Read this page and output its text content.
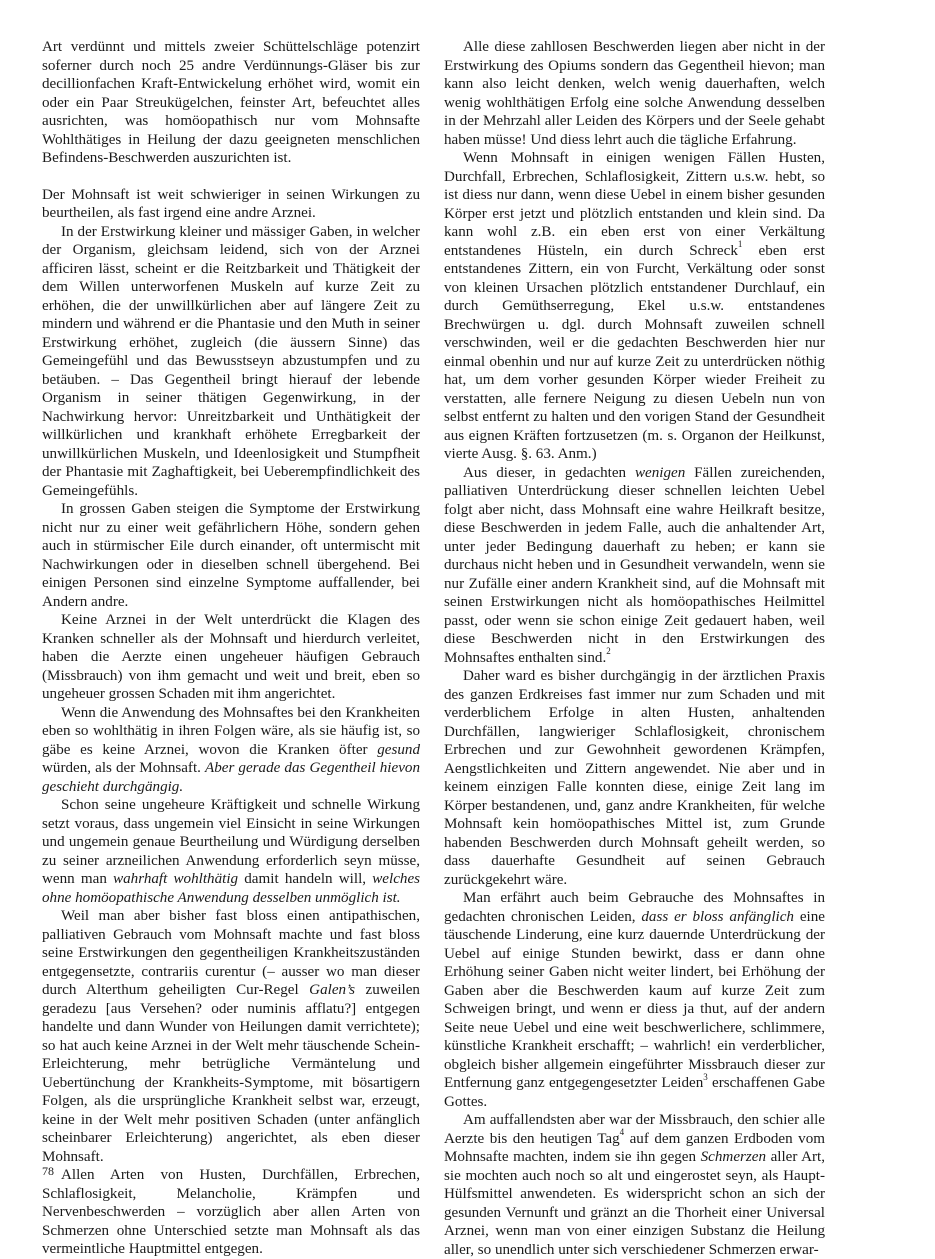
Art verdünnt und mittels zweier Schüttelschläge potenzirt soferner durch noch 25 andre Verdünnungs-Gläser bis zur decillionfachen Kraft-Entwickelung erhöhet wird, womit ein oder ein Paar Streukügelchen, feinster Art, befeuchtet alles ausrichten, was homöopathisch nur vom Mohnsafte Wohlthätiges in Heilung der dazu geeigneten menschlichen Befindens-Beschwerden auszurichten ist.

Der Mohnsaft ist weit schwieriger in seinen Wirkungen zu beurtheilen, als fast irgend eine andre Arznei.

In der Erstwirkung kleiner und mässiger Gaben, in welcher der Organism, gleichsam leidend, sich von der Arznei afficiren lässt, scheint er die Reitzbarkeit und Thätigkeit der dem Willen unterworfenen Muskeln auf kurze Zeit zu erhöhen, die der unwillkürlichen aber auf längere Zeit zu mindern und während er die Phantasie und den Muth in seiner Erstwirkung erhöhet, zugleich (die äussern Sinne) das Gemeingefühl und das Bewusstseyn abzustumpfen und zu betäuben. – Das Gegentheil bringt hierauf der lebende Organism in seiner thätigen Gegenwirkung, in der Nachwirkung hervor: Unreitzbarkeit und Unthätigkeit der willkürlichen und krankhaft erhöhete Erregbarkeit der unwillkürlichen Muskeln, und Ideenlosigkeit und Stumpfheit der Phantasie mit Zaghaftigkeit, bei Ueberempfindlichkeit des Gemeingefühls.

In grossen Gaben steigen die Symptome der Erstwirkung nicht nur zu einer weit gefährlichern Höhe, sondern gehen auch in stürmischer Eile durch einander, oft untermischt mit Nachwirkungen oder in dieselben schnell übergehend. Bei einigen Personen sind einzelne Symptome auffallender, bei Andern andre.

Keine Arznei in der Welt unterdrückt die Klagen des Kranken schneller als der Mohnsaft und hierdurch verleitet, haben die Aerzte einen ungeheuer häufigen Gebrauch (Missbrauch) von ihm gemacht und weit und breit, eben so ungeheuer grossen Schaden mit ihm angerichtet.

Wenn die Anwendung des Mohnsaftes bei den Krankheiten eben so wohlthätig in ihren Folgen wäre, als sie häufig ist, so gäbe es keine Arznei, wovon die Kranken öfter gesund würden, als der Mohnsaft. Aber gerade das Gegentheil hievon geschieht durchgängig.

Schon seine ungeheure Kräftigkeit und schnelle Wirkung setzt voraus, dass ungemein viel Einsicht in seine Wirkungen und ungemein genaue Beurtheilung und Würdigung derselben zu seiner arzneilichen Anwendung erforderlich seyn müsse, wenn man wahrhaft wohlthätig damit handeln will, welches ohne homöopathische Anwendung desselben unmöglich ist.

Weil man aber bisher fast bloss einen antipathischen, palliativen Gebrauch vom Mohnsaft machte und fast bloss seine Erstwirkungen den gegentheiligen Krankheitszuständen entgegensetzte, contrariis curentur (– ausser wo man dieser durch Alterthum geheiligten Cur-Regel Galen’s zuweilen geradezu [aus Versehen? oder numinis afflatu?] entgegen handelte und dann Wunder von Heilungen damit verrichtete); so hat auch keine Arznei in der Welt mehr täuschende Schein-Erleichterung, mehr betrügliche Vermäntelung und Uebertünchung der Krankheits-Symptome, mit bösartigern Folgen, als die ursprüngliche Krankheit selbst war, erzeugt, keine in der Welt mehr positiven Schaden (unter anfänglich scheinbarer Erleichterung) angerichtet, als eben dieser Mohnsaft.

Allen Arten von Husten, Durchfällen, Erbrechen, Schlaflosigkeit, Melancholie, Krämpfen und Nervenbeschwerden – vorzüglich aber allen Arten von Schmerzen ohne Unterschied setzte man Mohnsaft als das vermeintliche Hauptmittel entgegen.

Alle diese zahllosen Beschwerden liegen aber nicht in der Erstwirkung des Opiums sondern das Gegentheil hievon; man kann also leicht denken, welch wenig dauerhaften, welch wenig wohlthätigen Erfolg eine solche Anwendung desselben in der Mehrzahl aller Leiden des Körpers und der Seele gehabt haben müsse! Und diess lehrt auch die tägliche Erfahrung.

Wenn Mohnsaft in einigen wenigen Fällen Husten, Durchfall, Erbrechen, Schlaflosigkeit, Zittern u.s.w. hebt, so ist diess nur dann, wenn diese Uebel in einem bisher gesunden Körper erst jetzt und plötzlich entstanden und klein sind. Da kann wohl z.B. ein eben erst von einer Verkältung entstandenes Hüsteln, ein durch Schreck$^1$ eben erst entstandenes Zittern, ein von Furcht, Verkältung oder sonst von kleinen Ursachen plötzlich entstandener Durchlauf, ein durch Gemüthserregung, Ekel u.s.w. entstandenes Brechwürgen u. dgl. durch Mohnsaft zuweilen schnell verschwinden, weil er die gedachten Beschwerden hier nur einmal obenhin und nur auf kurze Zeit zu unterdrücken nöthig hat, um dem vorher gesunden Körper wieder Freiheit zu verstatten, alle fernere Neigung zu diesen Uebeln nun von selbst entfernt zu halten und den vorigen Stand der Gesundheit aus eignen Kräften fortzusetzen (m. s. Organon der Heilkunst, vierte Ausg. §. 63. Anm.)

Aus dieser, in gedachten wenigen Fällen zureichenden, palliativen Unterdrückung dieser schnellen leichten Uebel folgt aber nicht, dass Mohnsaft eine wahre Heilkraft besitze, diese Beschwerden in jedem Falle, auch die anhaltender Art, unter jeder Bedingung dauerhaft zu heben; er kann sie durchaus nicht heben und in Gesundheit verwandeln, wenn sie nur Zufälle einer andern Krankheit sind, auf die Mohnsaft mit seinen Erstwirkungen nicht als homöopathisches Heilmittel passt, oder wenn sie schon einige Zeit gedauert haben, weil diese Beschwerden nicht in den Erstwirkungen des Mohnsaftes enthalten sind.$^2$

Daher ward es bisher durchgängig in der ärztlichen Praxis des ganzen Erdkreises fast immer nur zum Schaden und mit verderblichem Erfolge in alten Husten, anhaltenden Durchfällen, langwieriger Schlaflosigkeit, chronischem Erbrechen und zur Gewohnheit gewordenen Krämpfen, Aengstlichkeiten und Zittern angewendet. Nie aber und in keinem einzigen Falle konnten diese, einige Zeit lang im Körper bestandenen, und, ganz andre Krankheiten, für welche Mohnsaft kein homöopathisches Mittel ist, zum Grunde habenden Beschwerden durch Mohnsaft geheilt werden, so dass dauerhafte Gesundheit auf seinen Gebrauch zurückgekehrt wäre.

Man erfährt auch beim Gebrauche des Mohnsaftes in gedachten chronischen Leiden, dass er bloss anfänglich eine täuschende Linderung, eine kurz dauernde Unterdrückung der Uebel auf einige Stunden bewirkt, dass er dann ohne Erhöhung seiner Gaben nicht weiter lindert, bei Erhöhung der Gaben aber die Beschwerden kaum auf kurze Zeit zum Schweigen bringt, und wenn er diess ja thut, auf der andern Seite neue Uebel und eine weit beschwerlichere, schlimmere, künstliche Krankheit erschafft; – wahrlich! ein verderblicher, obgleich bisher allgemein eingeführter Missbrauch dieser zur Entfernung ganz entgegengesetzter Leiden$^3$ erschaffenen Gabe Gottes.

Am auffallendsten aber war der Missbrauch, den schier alle Aerzte bis den heutigen Tag$^4$ auf dem ganzen Erdboden vom Mohnsafte machten, indem sie ihn gegen Schmerzen aller Art, sie mochten auch noch so alt und eingerostet seyn, als Haupt-Hülfsmittel anwendeten. Es widerspricht schon an sich der gesunden Vernunft und gränzt an die Thorheit einer Universal Arznei, wenn man von einer einzigen Substanz die Heilung aller, so unendlich unter sich verschiedener Schmerzen erwar-

78
